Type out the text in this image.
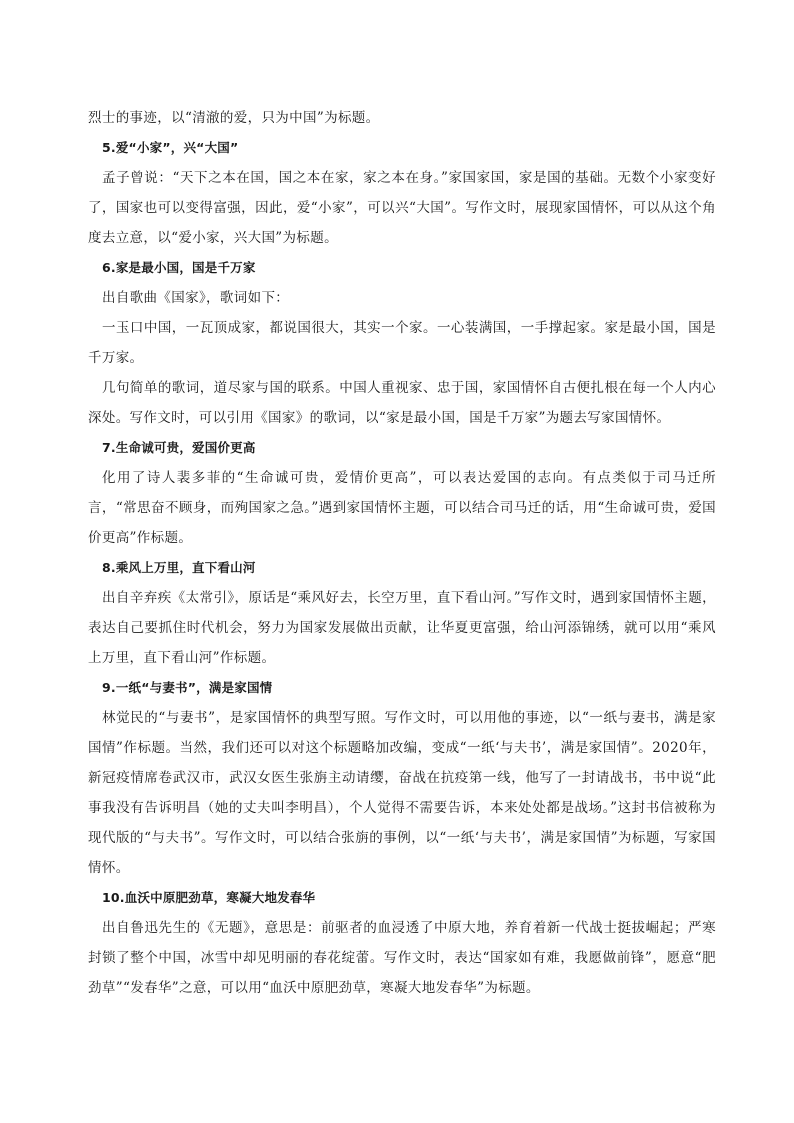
烈士的事迹，以“清澈的爱，只为中国”为标题。

5.爱“小家”，兴“大国”

孟子曾说：“天下之本在国，国之本在家，家之本在身。”家国家国，家是国的基础。无数个小家变好了，国家也可以变得富强，因此，爱“小家”，可以兴“大国”。写作文时，展现家国情怀，可以从这个角度去立意，以“爱小家，兴大国”为标题。

6.家是最小国，国是千万家

出自歌曲《国家》，歌词如下：

一玉口中国，一瓦顶成家，都说国很大，其实一个家。一心装满国，一手撑起家。家是最小国，国是千万家。

几句简单的歌词，道尽家与国的联系。中国人重视家、忠于国，家国情怀自古便扎根在每一个人内心深处。写作文时，可以引用《国家》的歌词，以“家是最小国，国是千万家”为题去写家国情怀。

7.生命诚可贵，爱国价更高

化用了诗人裴多菲的“生命诚可贵，爱情价更高”，可以表达爱国的志向。有点类似于司马迁所言，“常思奋不顾身，而殉国家之急。”遇到家国情怀主题，可以结合司马迁的话，用“生命诚可贵，爱国价更高”作标题。

8.乘风上万里，直下看山河

出自辛弃疾《太常引》，原话是“乘风好去，长空万里，直下看山河。”写作文时，遇到家国情怀主题，表达自己要抓住时代机会，努力为国家发展做出贡献，让华夏更富强，给山河添锦绣，就可以用“乘风上万里，直下看山河”作标题。

9.一纸“与妻书”，满是家国情

林觉民的“与妻书”，是家国情怀的典型写照。写作文时，可以用他的事迹，以“一纸与妻书，满是家国情”作标题。当然，我们还可以对这个标题略加改编，变成“一纸‘与夫书’，满是家国情”。2020年，新冠疫情席卷武汉市，武汉女医生张旃主动请缨，奋战在抗疫第一线，他写了一封请战书，书中说“此事我没有告诉明昌（她的丈夫叫李明昌），个人觉得不需要告诉，本来处处都是战场。”这封书信被称为现代版的“与夫书”。写作文时，可以结合张旃的事例，以“一纸‘与夫书’，满是家国情”为标题，写家国情怀。

10.血沃中原肥劲草，寒凝大地发春华

出自鲁迅先生的《无题》，意思是：前驱者的血浸透了中原大地，养育着新一代战士挺拔崛起；严寒封锁了整个中国，冰雪中却见明丽的春花绽蕾。写作文时，表达“国家如有难，我愿做前锋”，愿意“肥劲草”“发春华”之意，可以用“血沃中原肥劲草，寒凝大地发春华”为标题。
